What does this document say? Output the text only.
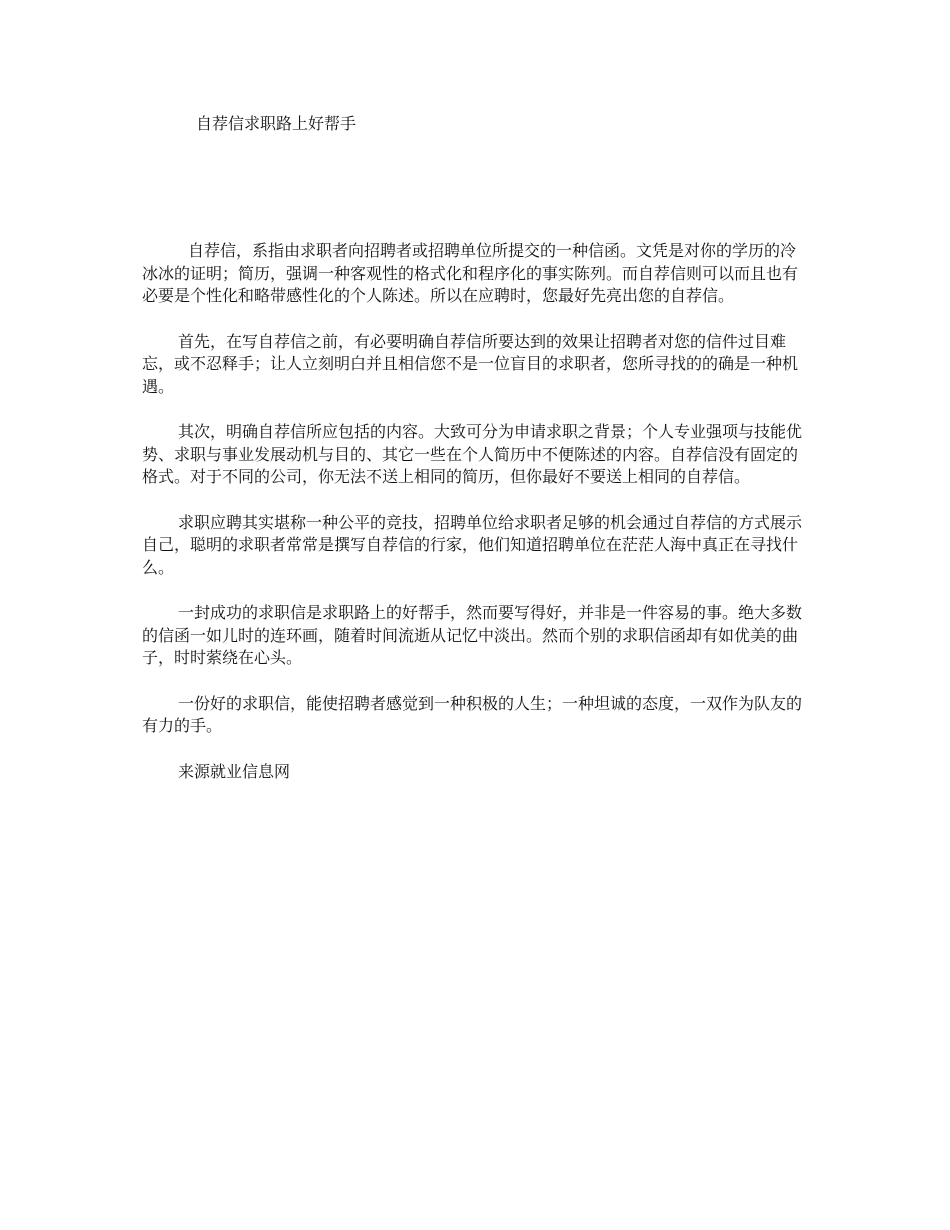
自荐信求职路上好帮手

自荐信，系指由求职者向招聘者或招聘单位所提交的一种信函。文凭是对你的学历的冷冰冰的证明；简历，强调一种客观性的格式化和程序化的事实陈列。而自荐信则可以而且也有必要是个性化和略带感性化的个人陈述。所以在应聘时，您最好先亮出您的自荐信。

首先，在写自荐信之前，有必要明确自荐信所要达到的效果让招聘者对您的信件过目难忘，或不忍释手；让人立刻明白并且相信您不是一位盲目的求职者，您所寻找的的确是一种机遇。

其次，明确自荐信所应包括的内容。大致可分为申请求职之背景；个人专业强项与技能优势、求职与事业发展动机与目的、其它一些在个人简历中不便陈述的内容。自荐信没有固定的格式。对于不同的公司，你无法不送上相同的简历，但你最好不要送上相同的自荐信。

求职应聘其实堪称一种公平的竞技，招聘单位给求职者足够的机会通过自荐信的方式展示自己，聪明的求职者常常是撰写自荐信的行家，他们知道招聘单位在茫茫人海中真正在寻找什么。

一封成功的求职信是求职路上的好帮手，然而要写得好，并非是一件容易的事。绝大多数的信函一如儿时的连环画，随着时间流逝从记忆中淡出。然而个别的求职信函却有如优美的曲子，时时萦绕在心头。

一份好的求职信，能使招聘者感觉到一种积极的人生；一种坦诚的态度，一双作为队友的有力的手。

来源就业信息网
